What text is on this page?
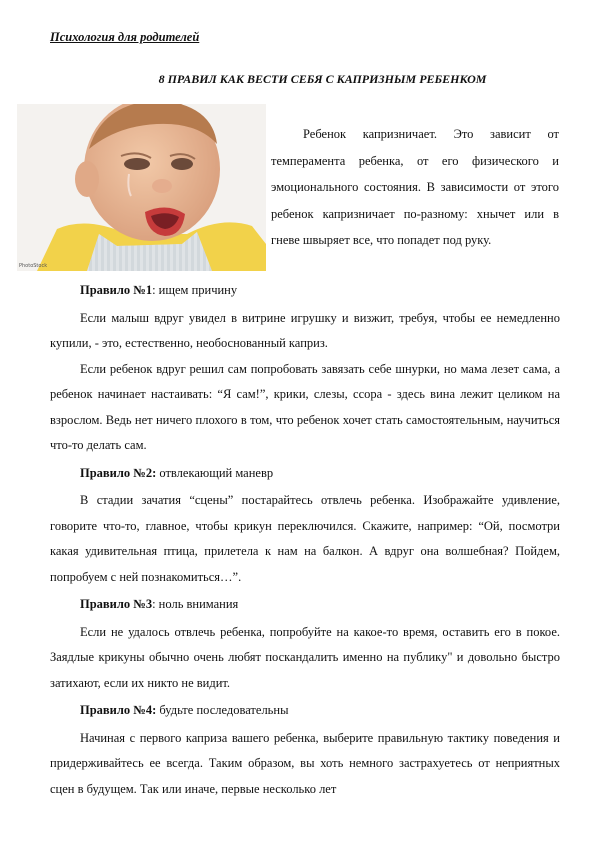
Психология для родителей
8 ПРАВИЛ КАК ВЕСТИ СЕБЯ С КАПРИЗНЫМ РЕБЕНКОМ
PhotoStock

Ребенок капризничает. Это зависит от темперамента ребенка, от его физического и эмоционального состояния. В зависимости от этого ребенок капризничает по-разному: хнычет или в гневе швыряет все, что попадет под руку.

Правило №1: ищем причину

Если малыш вдруг увидел в витрине игрушку и визжит, требуя, чтобы ее немедленно купили, - это, естественно, необоснованный каприз.

Если ребенок вдруг решил сам попробовать завязать себе шнурки, но мама лезет сама, а ребенок начинает настаивать: “Я сам!”, крики, слезы, ссора - здесь вина лежит целиком на взрослом. Ведь нет ничего плохого в том, что ребенок хочет стать самостоятельным, научиться что-то делать сам.

Правило №2: отвлекающий маневр

В стадии зачатия “сцены” постарайтесь отвлечь ребенка. Изображайте удивление, говорите что-то, главное, чтобы крикун переключился. Скажите, например: “Ой, посмотри какая удивительная птица, прилетела к нам на балкон. А вдруг она волшебная? Пойдем, попробуем с ней познакомиться…”.

Правило №3: ноль внимания

Если не удалось отвлечь ребенка, попробуйте на какое-то время, оставить его в покое. Заядлые крикуны обычно очень любят поскандалить именно на публику" и довольно быстро затихают, если их никто не видит.

Правило №4: будьте последовательны

Начиная с первого каприза вашего ребенка, выберите правильную тактику поведения и придерживайтесь ее всегда. Таким образом, вы хоть немного застрахуетесь от неприятных сцен в будущем. Так или иначе, первые несколько лет
